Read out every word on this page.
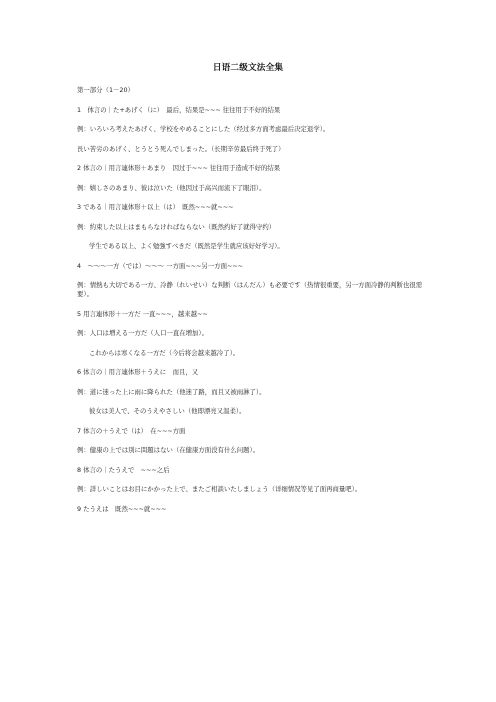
日语二级文法全集
第一部分（1－20）
1　体言の｜た+あげく（に）　最后，结果是~~~ 往往用于不好的结果
例：いろいろ考えたあげく、学校をやめることにした（经过多方面考虑最后决定退学）。
長い苦労のあげく、とうとう死んでしまった。（长期辛劳最后终于死了）
2 体言の｜用言連体形＋あまり　因过于~~~ 往往用于造成不好的结果
例：嬉しさのあまり、彼は泣いた（他因过于高兴而流下了眼泪）。
3 である｜用言連体形＋以上（は）　既然~~~就~~~
例：約束した以上はまもらなければならない（既然约好了就得守约）
学生である以上、よく勉強すべきだ（既然是学生就应该好好学习）。
4　～～～一方（では）～～～ 一方面~~~另一方面~~~
例：情熱も大切である一方、冷静（れいせい）な判断（はんだん）も必要です（热情很重要，另一方面冷静的判断也很需要）。
5 用言連体形＋一方だ 一直~~~，越来越~~
例：人口は増える一方だ（人口一直在増加）。
これからは寒くなる一方だ（今后将会越来越冷了）。
6 体言の｜用言連体形＋うえに　而且，又
例：道に迷った上に雨に降られた（他迷了路，而且又被雨淋了）。
彼女は美人で、そのうえやさしい（他即漂亮又温柔）。
7 体言の＋うえで（は）　在~~~方面
例：健康の上では別に問題はない（在健康方面没有什么问题）。
8 体言の｜たうえで　~~~之后
例：詳しいことはお目にかかった上で、またご相談いたしましょう（详细情况等见了面再商量吧）。
9 たうえは　既然~~~就~~~
